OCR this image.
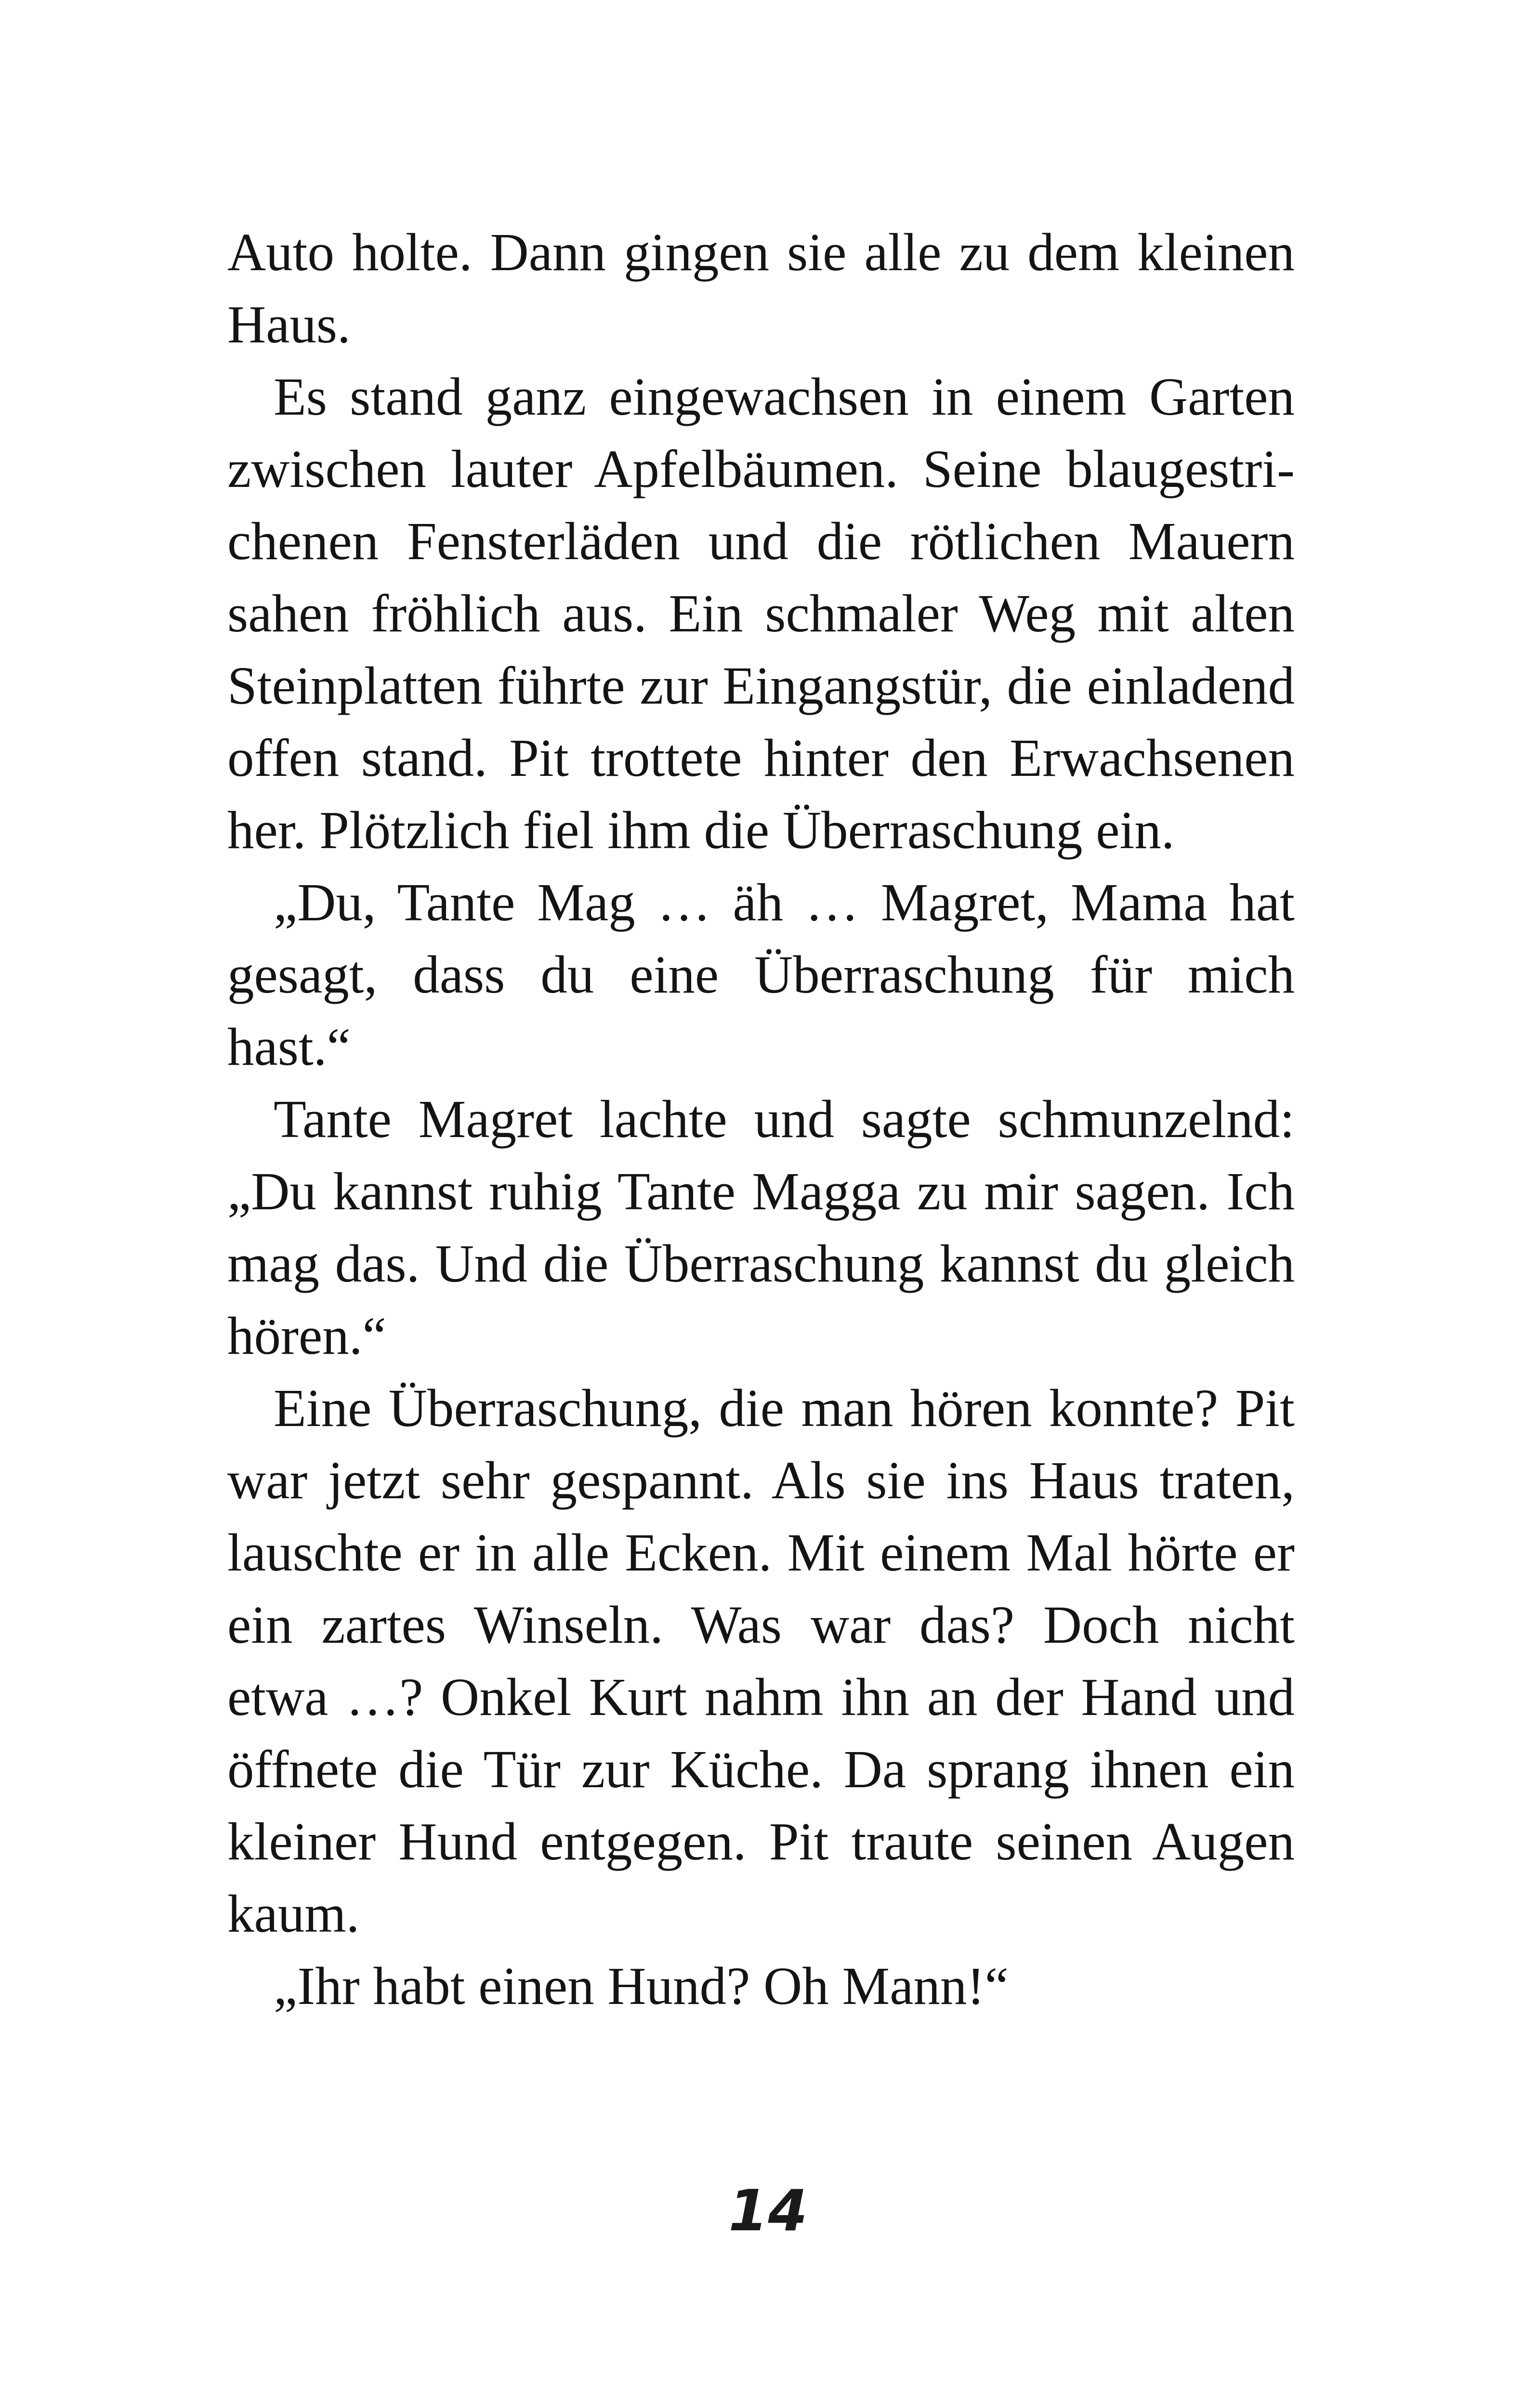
Auto holte. Dann gingen sie alle zu dem kleinen
Haus.
Es stand ganz eingewachsen in einem Garten
zwischen lauter Apfelbäumen. Seine blaugestri-
chenen Fensterläden und die rötlichen Mauern
sahen fröhlich aus. Ein schmaler Weg mit alten
Steinplatten führte zur Eingangstür, die einladend
offen stand. Pit trottete hinter den Erwachsenen
her. Plötzlich fiel ihm die Überraschung ein.
„Du, Tante Mag … äh … Magret, Mama hat
gesagt, dass du eine Überraschung für mich
hast.“
Tante Magret lachte und sagte schmunzelnd:
„Du kannst ruhig Tante Magga zu mir sagen. Ich
mag das. Und die Überraschung kannst du gleich
hören.“
Eine Überraschung, die man hören konnte? Pit
war jetzt sehr gespannt. Als sie ins Haus traten,
lauschte er in alle Ecken. Mit einem Mal hörte er
ein zartes Winseln. Was war das? Doch nicht
etwa …? Onkel Kurt nahm ihn an der Hand und
öffnete die Tür zur Küche. Da sprang ihnen ein
kleiner Hund entgegen. Pit traute seinen Augen
kaum.
„Ihr habt einen Hund? Oh Mann!“
14
